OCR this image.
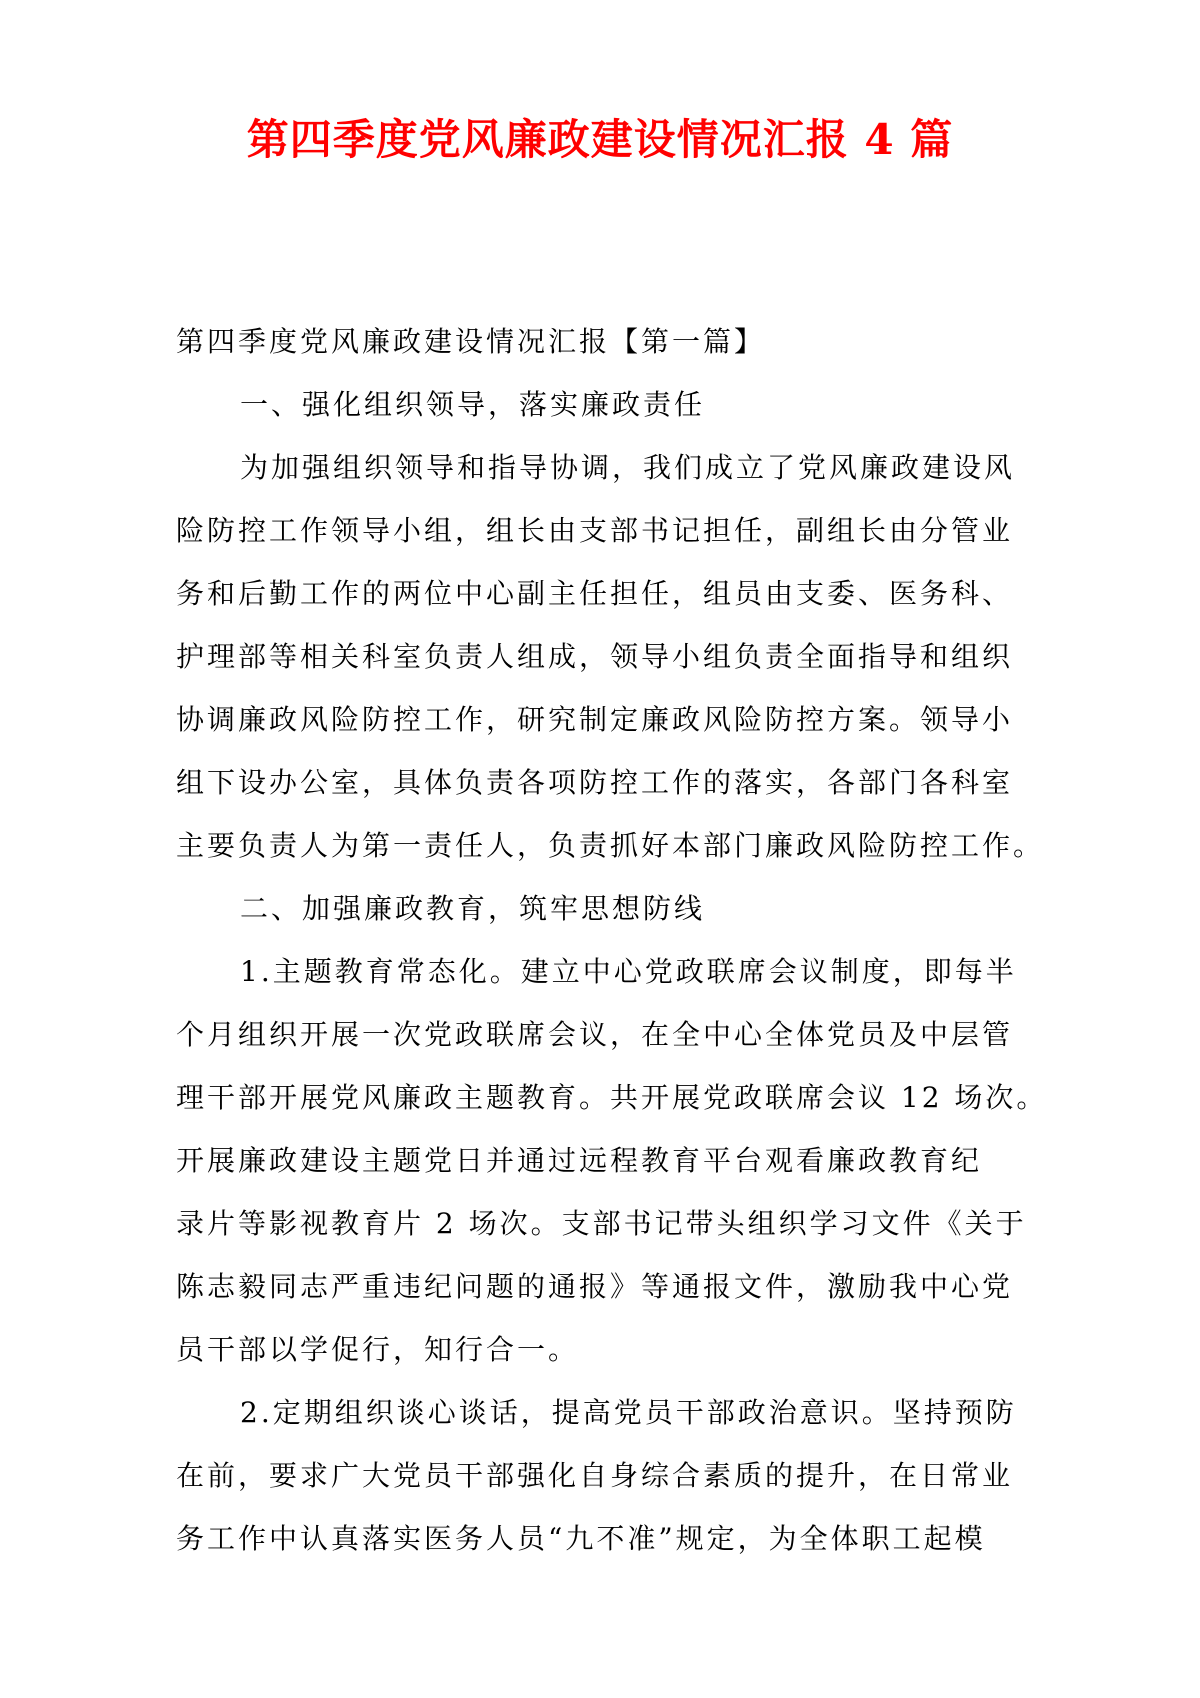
第四季度党风廉政建设情况汇报 4 篇

第四季度党风廉政建设情况汇报【第一篇】

一、强化组织领导，落实廉政责任

为加强组织领导和指导协调，我们成立了党风廉政建设风

险防控工作领导小组，组长由支部书记担任，副组长由分管业

务和后勤工作的两位中心副主任担任，组员由支委、医务科、

护理部等相关科室负责人组成，领导小组负责全面指导和组织

协调廉政风险防控工作，研究制定廉政风险防控方案。领导小

组下设办公室，具体负责各项防控工作的落实，各部门各科室

主要负责人为第一责任人，负责抓好本部门廉政风险防控工作。

二、加强廉政教育，筑牢思想防线

1.主题教育常态化。建立中心党政联席会议制度，即每半

个月组织开展一次党政联席会议，在全中心全体党员及中层管

理干部开展党风廉政主题教育。共开展党政联席会议 12 场次。

开展廉政建设主题党日并通过远程教育平台观看廉政教育纪

录片等影视教育片 2 场次。支部书记带头组织学习文件《关于

陈志毅同志严重违纪问题的通报》等通报文件，激励我中心党

员干部以学促行，知行合一。

2.定期组织谈心谈话，提高党员干部政治意识。坚持预防

在前，要求广大党员干部强化自身综合素质的提升，在日常业

务工作中认真落实医务人员“九不准”规定，为全体职工起模
